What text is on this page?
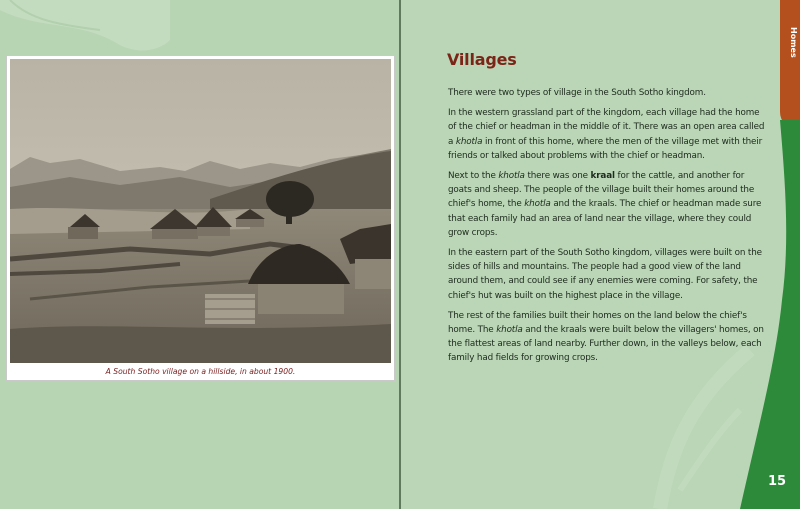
A South Sotho village on a hillside, in about 1900.
Villages

There were two types of village in the South Sotho kingdom.

In the western grassland part of the kingdom, each village had the home of the chief or headman in the middle of it. There was an open area called a khotla in front of this home, where the men of the village met with their friends or talked about problems with the chief or headman.

Next to the khotla there was one kraal for the cattle, and another for goats and sheep. The people of the village built their homes around the chief's home, the khotla and the kraals. The chief or headman made sure that each family had an area of land near the village, where they could grow crops.

In the eastern part of the South Sotho kingdom, villages were built on the sides of hills and mountains. The people had a good view of the land around them, and could see if any enemies were coming. For safety, the chief's hut was built on the highest place in the village.

The rest of the families built their homes on the land below the chief's home. The khotla and the kraals were built below the villagers' homes, on the flattest areas of land nearby. Further down, in the valleys below, each family had fields for growing crops.

Homes
15
